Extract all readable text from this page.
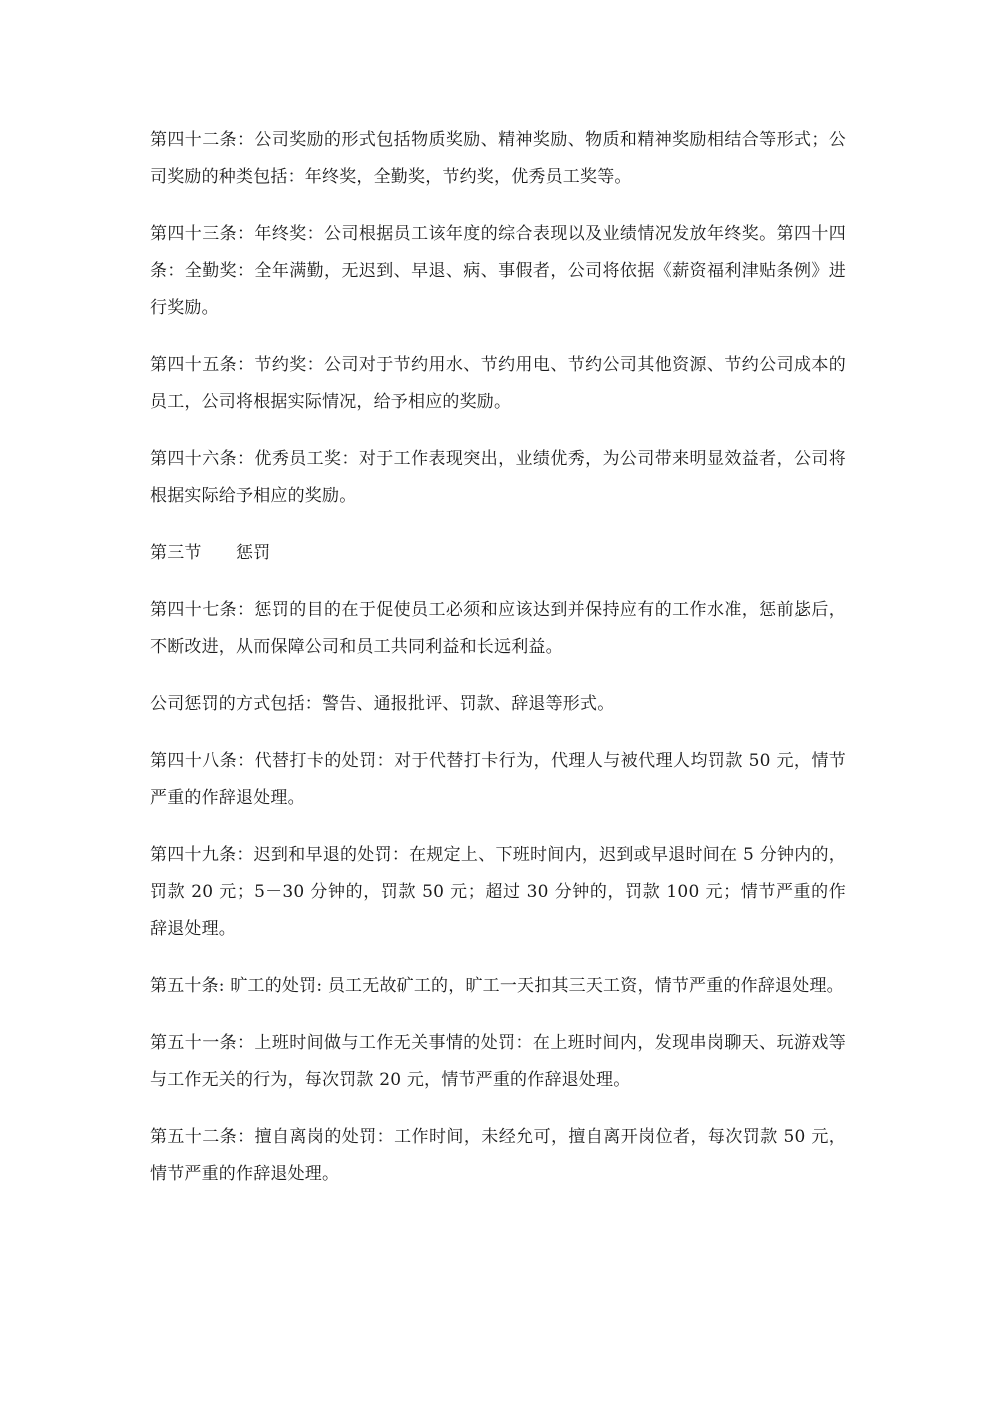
第四十二条：公司奖励的形式包括物质奖励、精神奖励、物质和精神奖励相结合等形式；公司奖励的种类包括：年终奖，全勤奖，节约奖，优秀员工奖等。

第四十三条：年终奖：公司根据员工该年度的综合表现以及业绩情况发放年终奖。第四十四条：全勤奖：全年满勤，无迟到、早退、病、事假者，公司将依据《薪资福利津贴条例》进行奖励。

第四十五条：节约奖：公司对于节约用水、节约用电、节约公司其他资源、节约公司成本的员工，公司将根据实际情况，给予相应的奖励。

第四十六条：优秀员工奖：对于工作表现突出，业绩优秀，为公司带来明显效益者，公司将根据实际给予相应的奖励。

第三节　　惩罚

第四十七条：惩罚的目的在于促使员工必须和应该达到并保持应有的工作水准，惩前毖后，不断改进，从而保障公司和员工共同利益和长远利益。

公司惩罚的方式包括：警告、通报批评、罚款、辞退等形式。

第四十八条：代替打卡的处罚：对于代替打卡行为，代理人与被代理人均罚款 50 元，情节严重的作辞退处理。

第四十九条：迟到和早退的处罚：在规定上、下班时间内，迟到或早退时间在 5 分钟内的，罚款 20 元；5－30 分钟的，罚款 50 元；超过 30 分钟的，罚款 100 元；情节严重的作辞退处理。

第五十条: 旷工的处罚: 员工无故矿工的，旷工一天扣其三天工资，情节严重的作辞退处理。

第五十一条：上班时间做与工作无关事情的处罚：在上班时间内，发现串岗聊天、玩游戏等与工作无关的行为，每次罚款 20 元，情节严重的作辞退处理。

第五十二条：擅自离岗的处罚：工作时间，未经允可，擅自离开岗位者，每次罚款 50 元，情节严重的作辞退处理。
